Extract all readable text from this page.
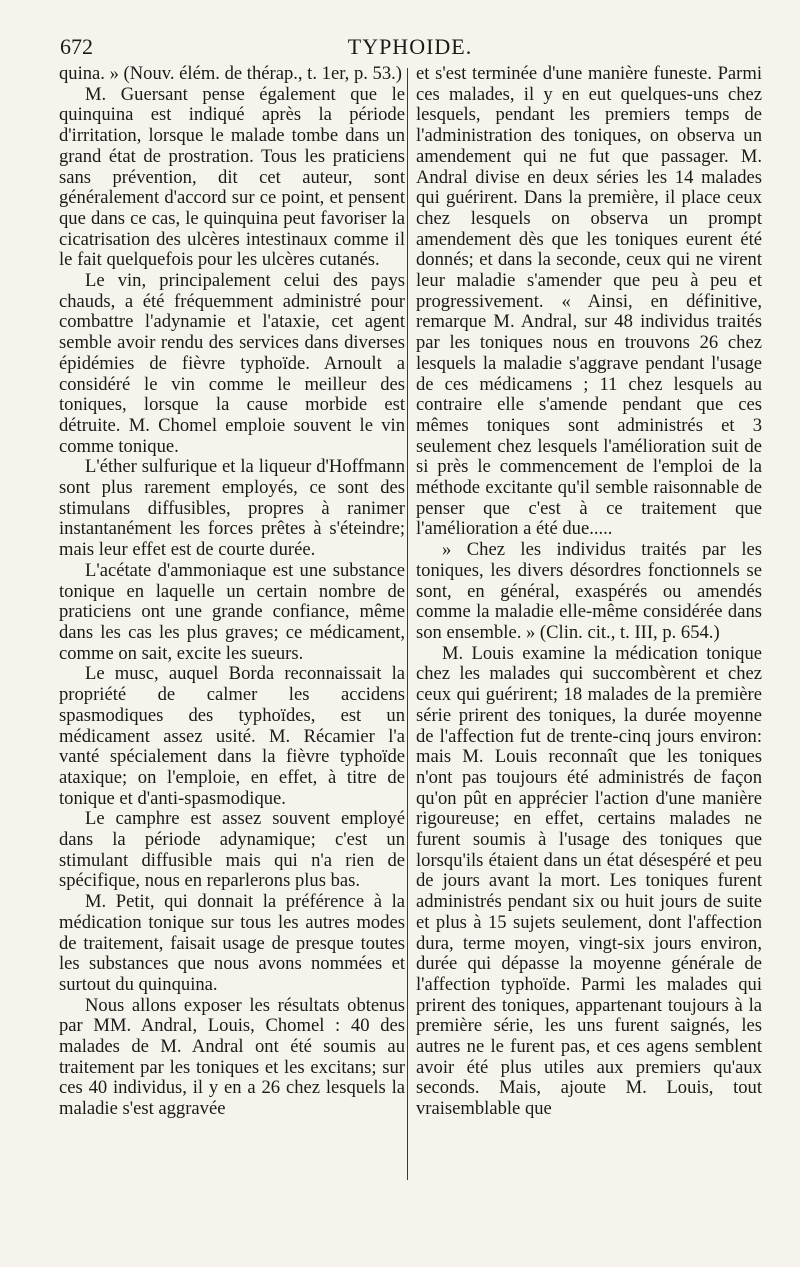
672	TYPHOIDE.

quina. » (Nouv. élém. de thérap., t. 1er, p. 53.)

M. Guersant pense également que le quinquina est indiqué après la période d'irritation, lorsque le malade tombe dans un grand état de prostration. Tous les praticiens sans prévention, dit cet auteur, sont généralement d'accord sur ce point, et pensent que dans ce cas, le quinquina peut favoriser la cicatrisation des ulcères intestinaux comme il le fait quelquefois pour les ulcères cutanés.

Le vin, principalement celui des pays chauds, a été fréquemment administré pour combattre l'adynamie et l'ataxie, cet agent semble avoir rendu des services dans diverses épidémies de fièvre typhoïde. Arnoult a considéré le vin comme le meilleur des toniques, lorsque la cause morbide est détruite. M. Chomel emploie souvent le vin comme tonique.

L'éther sulfurique et la liqueur d'Hoffmann sont plus rarement employés, ce sont des stimulans diffusibles, propres à ranimer instantanément les forces prêtes à s'éteindre; mais leur effet est de courte durée.

L'acétate d'ammoniaque est une substance tonique en laquelle un certain nombre de praticiens ont une grande confiance, même dans les cas les plus graves; ce médicament, comme on sait, excite les sueurs.

Le musc, auquel Borda reconnaissait la propriété de calmer les accidens spasmodiques des typhoïdes, est un médicament assez usité. M. Récamier l'a vanté spécialement dans la fièvre typhoïde ataxique; on l'emploie, en effet, à titre de tonique et d'anti-spasmodique.

Le camphre est assez souvent employé dans la période adynamique; c'est un stimulant diffusible mais qui n'a rien de spécifique, nous en reparlerons plus bas.

M. Petit, qui donnait la préférence à la médication tonique sur tous les autres modes de traitement, faisait usage de presque toutes les substances que nous avons nommées et surtout du quinquina.

Nous allons exposer les résultats obtenus par MM. Andral, Louis, Chomel : 40 des malades de M. Andral ont été soumis au traitement par les toniques et les excitans; sur ces 40 individus, il y en a 26 chez lesquels la maladie s'est aggravée

et s'est terminée d'une manière funeste. Parmi ces malades, il y en eut quelques-uns chez lesquels, pendant les premiers temps de l'administration des toniques, on observa un amendement qui ne fut que passager. M. Andral divise en deux séries les 14 malades qui guérirent. Dans la première, il place ceux chez lesquels on observa un prompt amendement dès que les toniques eurent été donnés; et dans la seconde, ceux qui ne virent leur maladie s'amender que peu à peu et progressivement. « Ainsi, en définitive, remarque M. Andral, sur 48 individus traités par les toniques nous en trouvons 26 chez lesquels la maladie s'aggrave pendant l'usage de ces médicamens ; 11 chez lesquels au contraire elle s'amende pendant que ces mêmes toniques sont administrés et 3 seulement chez lesquels l'amélioration suit de si près le commencement de l'emploi de la méthode excitante qu'il semble raisonnable de penser que c'est à ce traitement que l'amélioration a été due.....

» Chez les individus traités par les toniques, les divers désordres fonctionnels se sont, en général, exaspérés ou amendés comme la maladie elle-même considérée dans son ensemble. » (Clin. cit., t. III, p. 654.)

M. Louis examine la médication tonique chez les malades qui succombèrent et chez ceux qui guérirent; 18 malades de la première série prirent des toniques, la durée moyenne de l'affection fut de trente-cinq jours environ: mais M. Louis reconnaît que les toniques n'ont pas toujours été administrés de façon qu'on pût en apprécier l'action d'une manière rigoureuse; en effet, certains malades ne furent soumis à l'usage des toniques que lorsqu'ils étaient dans un état désespéré et peu de jours avant la mort. Les toniques furent administrés pendant six ou huit jours de suite et plus à 15 sujets seulement, dont l'affection dura, terme moyen, vingt-six jours environ, durée qui dépasse la moyenne générale de l'affection typhoïde. Parmi les malades qui prirent des toniques, appartenant toujours à la première série, les uns furent saignés, les autres ne le furent pas, et ces agens semblent avoir été plus utiles aux premiers qu'aux seconds. Mais, ajoute M. Louis, tout vraisemblable que
